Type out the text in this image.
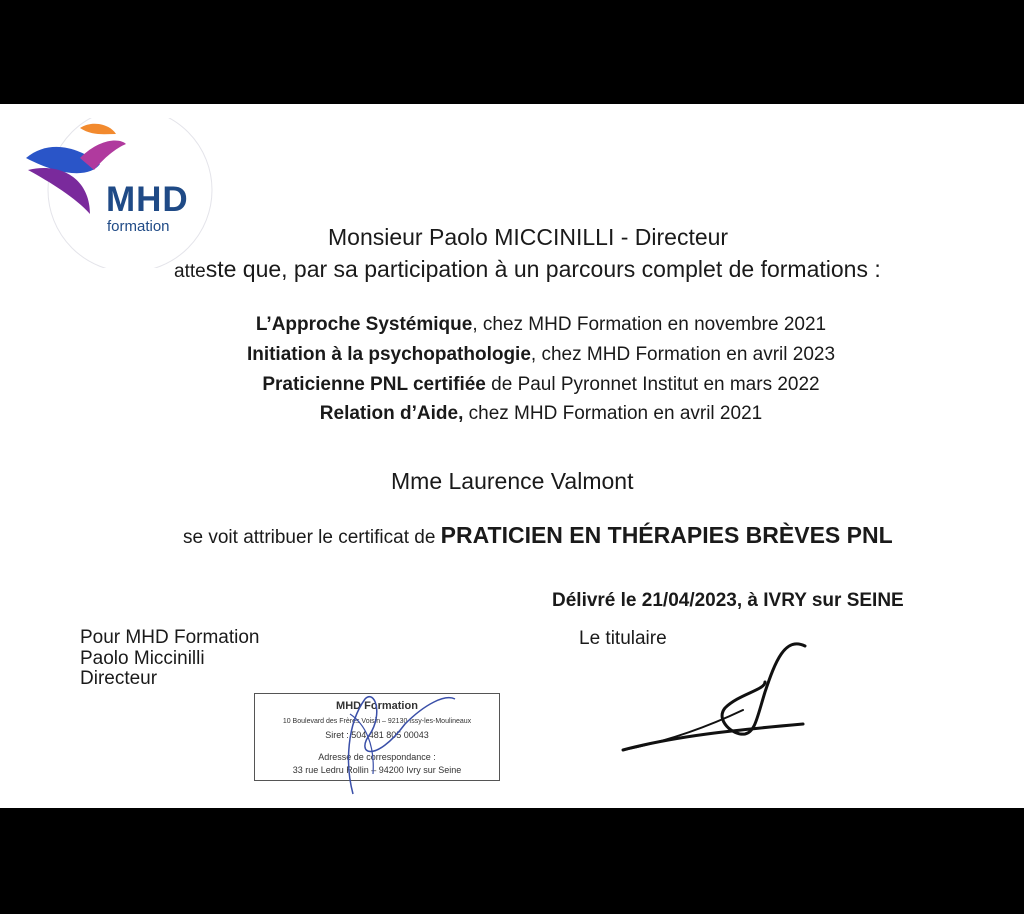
MHD
formation	Monsieur Paolo MICCINILLI - Directeur
atteste que, par sa participation à un parcours complet de formations :
L’Approche Systémique, chez MHD Formation en novembre 2021
Initiation à la psychopathologie, chez MHD Formation en avril 2023
Praticienne PNL certifiée de Paul Pyronnet Institut en mars 2022
Relation d’Aide, chez MHD Formation en avril 2021
Mme Laurence Valmont
se voit attribuer le certificat de PRATICIEN EN THÉRAPIES BRÈVES PNL
Délivré le 21/04/2023, à IVRY sur SEINE
Pour MHD Formation
Paolo Miccinilli
Directeur
Le titulaire
MHD Formation
10 Boulevard des Frères Voisin – 92130 Issy-les-Moulineaux
Siret : 504 481 805 00043
Adresse de correspondance :
33 rue Ledru Rollin – 94200 Ivry sur Seine
